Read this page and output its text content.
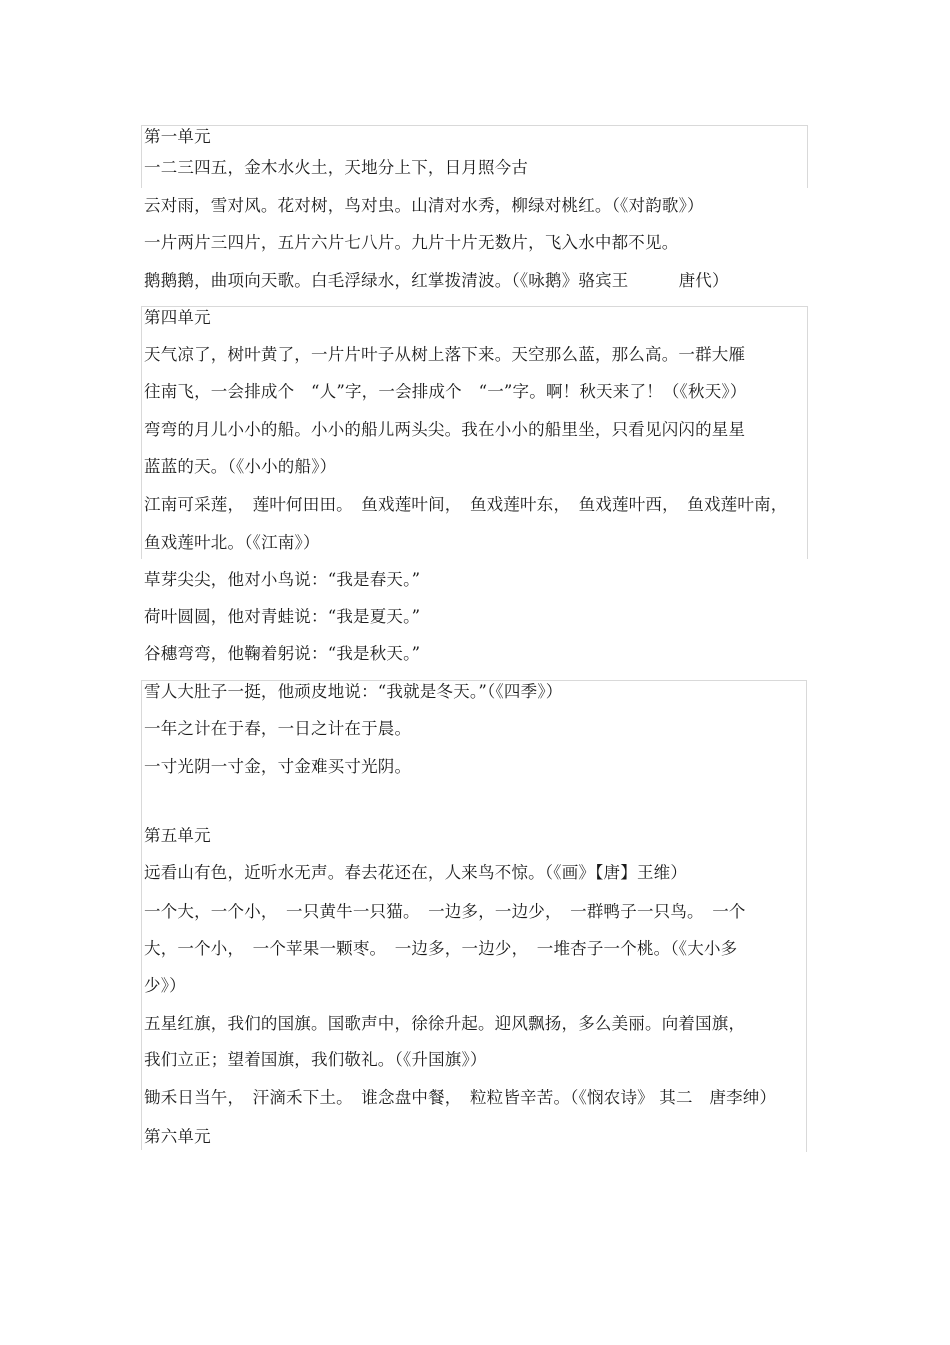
第一单元
一二三四五，金木水火土，天地分上下，日月照今古
云对雨，雪对风。花对树，鸟对虫。山清对水秀，柳绿对桃红。（《对韵歌》）
一片两片三四片，五片六片七八片。九片十片无数片，飞入水中都不见。
鹅鹅鹅，曲项向天歌。白毛浮绿水，红掌拨清波。（《咏鹅》骆宾王　　　唐代）
第四单元
天气凉了，树叶黄了，一片片叶子从树上落下来。天空那么蓝，那么高。一群大雁
往南飞，一会排成个　“人”字，一会排成个　“一”字。啊！秋天来了！（《秋天》）
弯弯的月儿小小的船。小小的船儿两头尖。我在小小的船里坐，只看见闪闪的星星
蓝蓝的天。（《小小的船》）
江南可采莲，　莲叶何田田。　鱼戏莲叶间，　鱼戏莲叶东，　鱼戏莲叶西，　鱼戏莲叶南，
鱼戏莲叶北。（《江南》）
草芽尖尖，他对小鸟说：“我是春天。”
荷叶圆圆，他对青蛙说：“我是夏天。”
谷穗弯弯，他鞠着躬说：“我是秋天。”
雪人大肚子一挺，他顽皮地说：“我就是冬天。”（《四季》）
一年之计在于春，一日之计在于晨。
一寸光阴一寸金，寸金难买寸光阴。
第五单元
远看山有色，近听水无声。春去花还在，人来鸟不惊。（《画》【唐】王维）
一个大，一个小，　一只黄牛一只猫。　一边多，一边少，　一群鸭子一只鸟。　一个
大，一个小，　一个苹果一颗枣。　一边多，一边少，　一堆杏子一个桃。（《大小多
少》）
五星红旗，我们的国旗。国歌声中，徐徐升起。迎风飘扬，多么美丽。向着国旗，
我们立正；望着国旗，我们敬礼。（《升国旗》）
锄禾日当午，　汗滴禾下土。　谁念盘中餐，　粒粒皆辛苦。（《悯农诗》 其二　唐李绅）
第六单元
